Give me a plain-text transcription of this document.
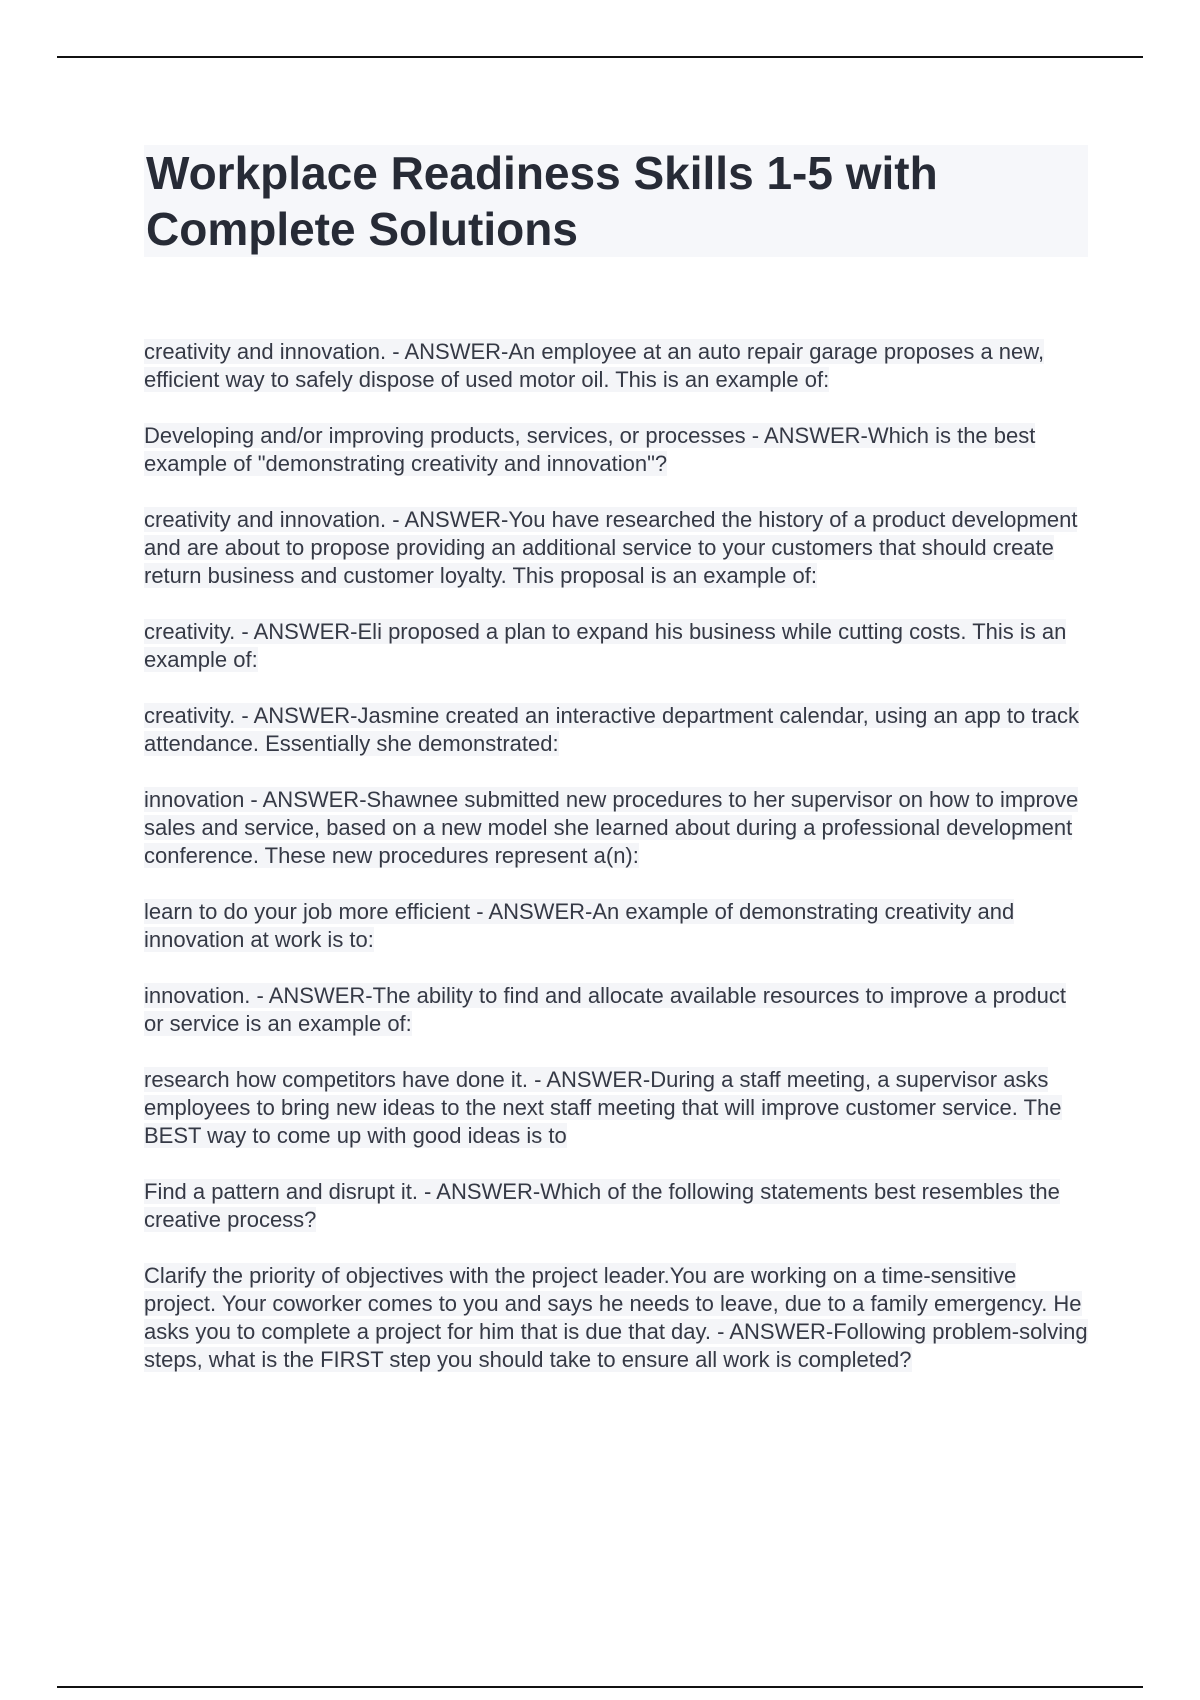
Workplace Readiness Skills 1-5 with Complete Solutions

creativity and innovation. - ANSWER-An employee at an auto repair garage proposes a new, efficient way to safely dispose of used motor oil. This is an example of:

Developing and/or improving products, services, or processes - ANSWER-Which is the best example of "demonstrating creativity and innovation"?

creativity and innovation. - ANSWER-You have researched the history of a product development and are about to propose providing an additional service to your customers that should create return business and customer loyalty. This proposal is an example of:

creativity. - ANSWER-Eli proposed a plan to expand his business while cutting costs. This is an example of:

creativity. - ANSWER-Jasmine created an interactive department calendar, using an app to track attendance. Essentially she demonstrated:

innovation - ANSWER-Shawnee submitted new procedures to her supervisor on how to improve sales and service, based on a new model she learned about during a professional development conference. These new procedures represent a(n):

learn to do your job more efficient - ANSWER-An example of demonstrating creativity and innovation at work is to:

innovation. - ANSWER-The ability to find and allocate available resources to improve a product or service is an example of:

research how competitors have done it. - ANSWER-During a staff meeting, a supervisor asks employees to bring new ideas to the next staff meeting that will improve customer service. The BEST way to come up with good ideas is to

Find a pattern and disrupt it. - ANSWER-Which of the following statements best resembles the creative process?

Clarify the priority of objectives with the project leader.You are working on a time-sensitive project. Your coworker comes to you and says he needs to leave, due to a family emergency. He asks you to complete a project for him that is due that day. - ANSWER-Following problem-solving steps, what is the FIRST step you should take to ensure all work is completed?
